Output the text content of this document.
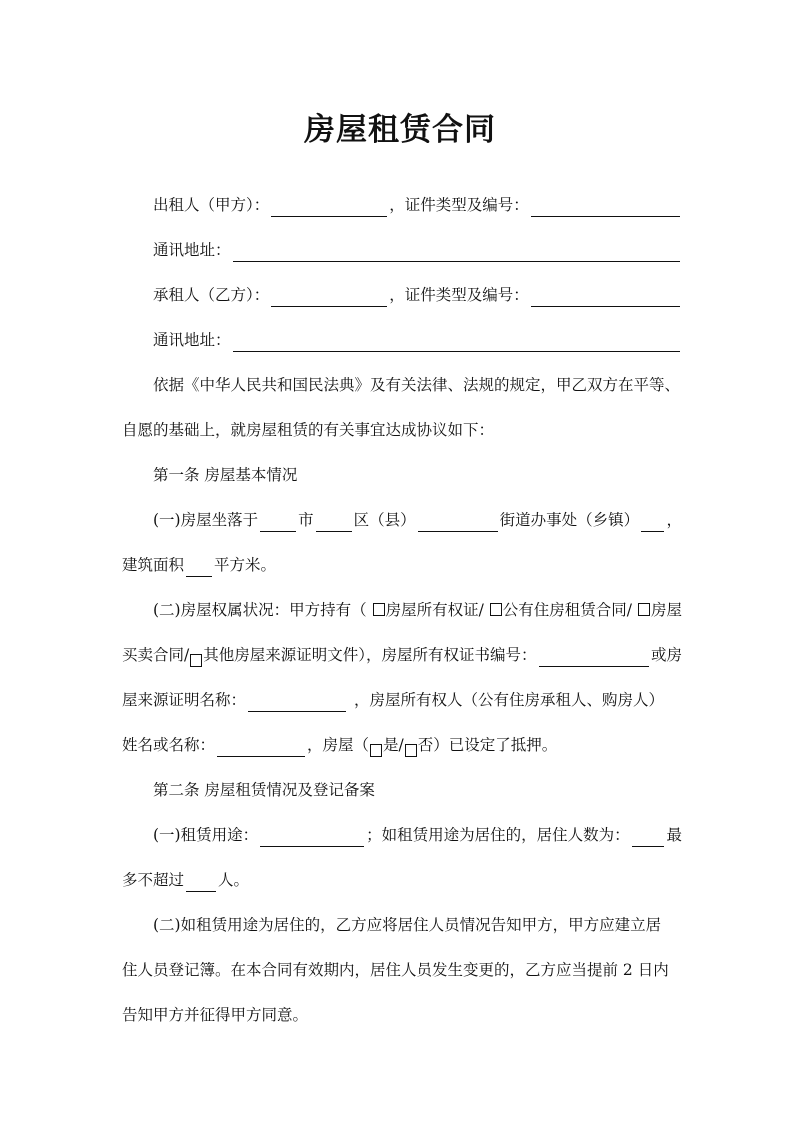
房屋租赁合同
出租人（甲方）：	，证件类型及编号：
通讯地址：
承租人（乙方）：	，证件类型及编号：
通讯地址：
依据《中华人民共和国民法典》及有关法律、法规的规定，甲乙双方在平等、
自愿的基础上，就房屋租赁的有关事宜达成协议如下：
第一条 房屋基本情况
(一)房屋坐落于	市	区（县）	街道办事处（乡镇） ，
建筑面积 平方米。
(二)房屋权属状况：甲方持有（	房屋所有权证/	公有住房租赁合同/	房屋
买卖合同/ 其他房屋来源证明文件），房屋所有权证书编号：	或房
屋来源证明名称：	，房屋所有权人（公有住房承租人、购房人）
姓名或名称：	，房屋（ 是/ 否）已设定了抵押。
第二条 房屋租赁情况及登记备案
(一)租赁用途：	；如租赁用途为居住的，居住人数为： 最
多不超过 人。
(二)如租赁用途为居住的，乙方应将居住人员情况告知甲方，甲方应建立居
住人员登记簿。在本合同有效期内，居住人员发生变更的，乙方应当提前 2 日内
告知甲方并征得甲方同意。
